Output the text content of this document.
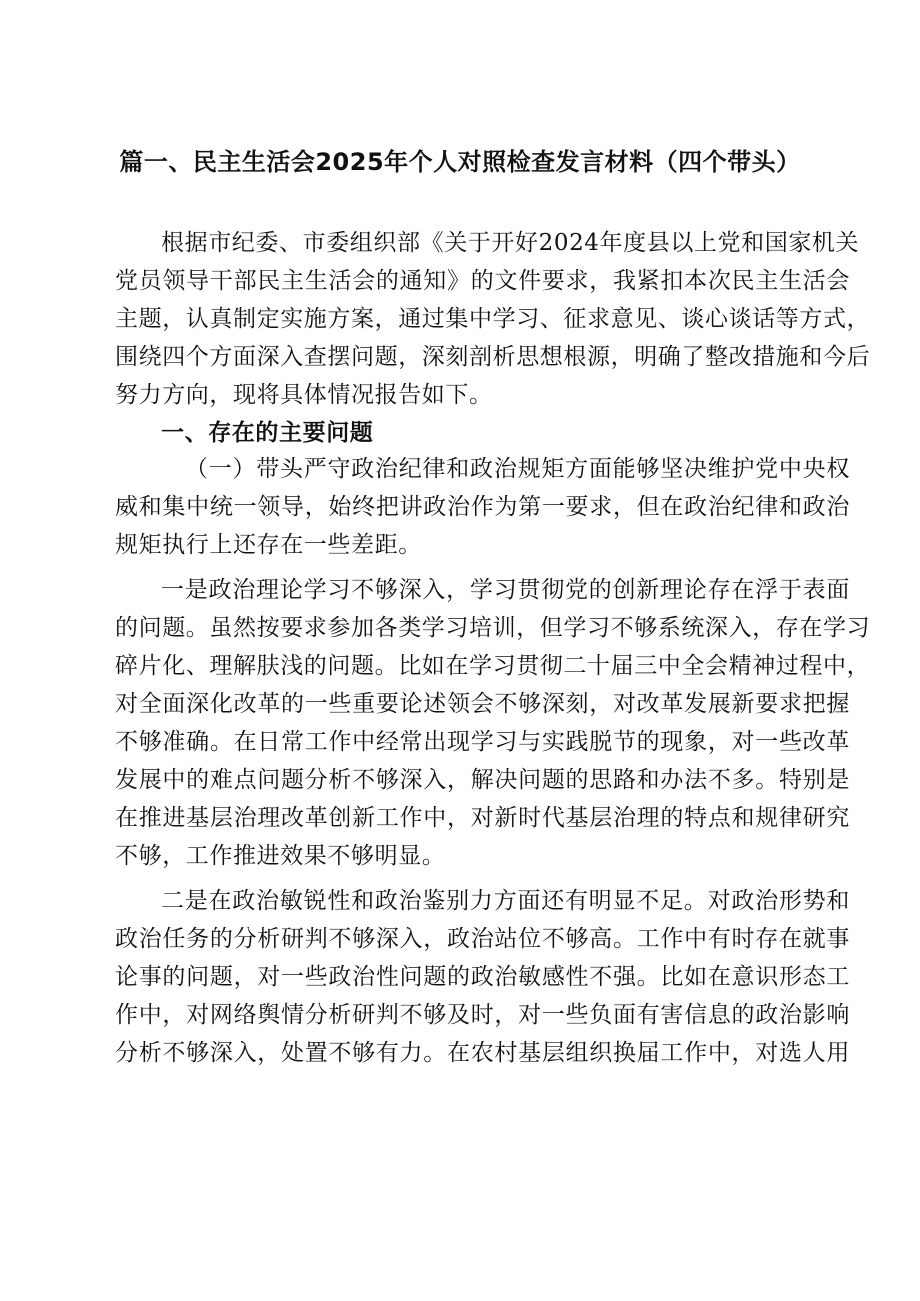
篇一、民主生活会2025年个人对照检查发言材料（四个带头）
根据市纪委、市委组织部《关于开好2024年度县以上党和国家机关
党员领导干部民主生活会的通知》的文件要求，我紧扣本次民主生活会
主题，认真制定实施方案，通过集中学习、征求意见、谈心谈话等方式，
围绕四个方面深入查摆问题，深刻剖析思想根源，明确了整改措施和今后
努力方向，现将具体情况报告如下。
一、存在的主要问题
（一）带头严守政治纪律和政治规矩方面能够坚决维护党中央权
威和集中统一领导，始终把讲政治作为第一要求，但在政治纪律和政治
规矩执行上还存在一些差距。
一是政治理论学习不够深入，学习贯彻党的创新理论存在浮于表面
的问题。虽然按要求参加各类学习培训，但学习不够系统深入，存在学习
碎片化、理解肤浅的问题。比如在学习贯彻二十届三中全会精神过程中，
对全面深化改革的一些重要论述领会不够深刻，对改革发展新要求把握
不够准确。在日常工作中经常出现学习与实践脱节的现象，对一些改革
发展中的难点问题分析不够深入，解决问题的思路和办法不多。特别是
在推进基层治理改革创新工作中，对新时代基层治理的特点和规律研究
不够，工作推进效果不够明显。
二是在政治敏锐性和政治鉴别力方面还有明显不足。对政治形势和
政治任务的分析研判不够深入，政治站位不够高。工作中有时存在就事
论事的问题，对一些政治性问题的政治敏感性不强。比如在意识形态工
作中，对网络舆情分析研判不够及时，对一些负面有害信息的政治影响
分析不够深入，处置不够有力。在农村基层组织换届工作中，对选人用
